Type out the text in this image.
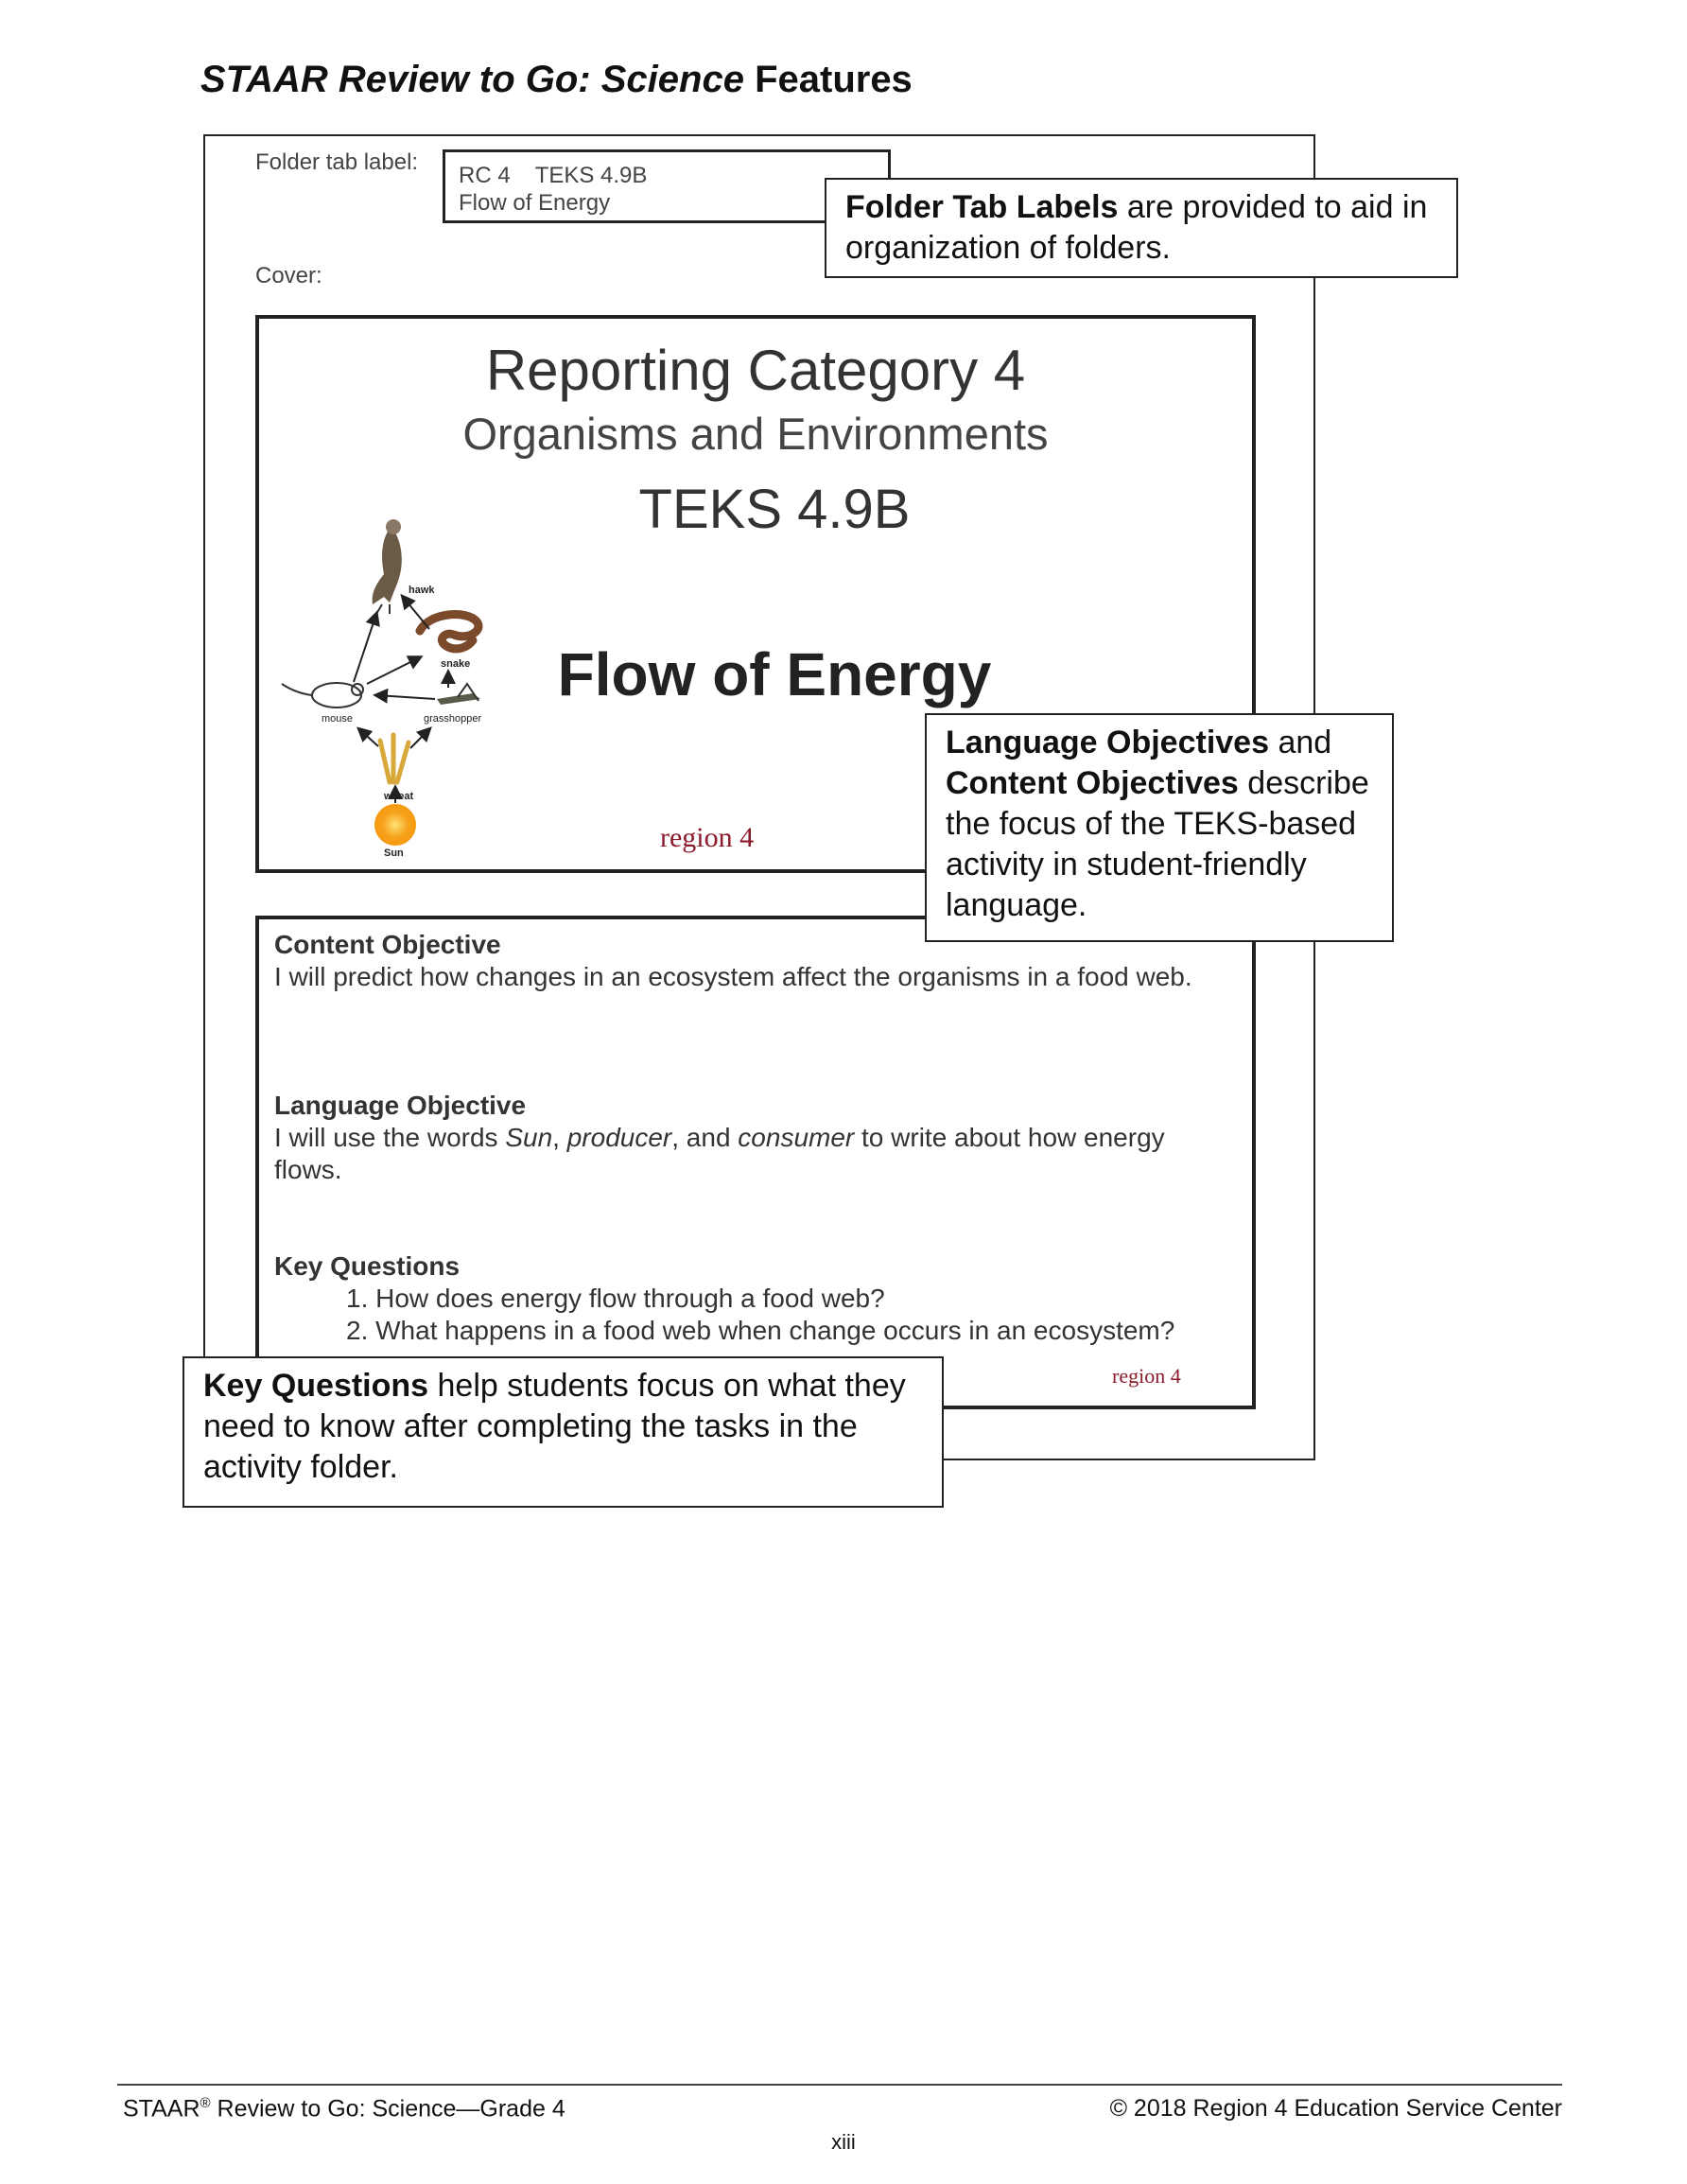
STAAR Review to Go: Science Features
Folder tab label:
RC 4 TEKS 4.9B
Flow of Energy
Cover:
Reporting Category 4
Organisms and Environments
TEKS 4.9B
Flow of Energy
hawk
snake
mouse	grasshopper
wheat
Sun	region 4
Content Objective
I will predict how changes in an ecosystem affect the organisms in a food web.
Language Objective
I will use the words Sun, producer, and consumer to write about how energy flows.
Key Questions
1. How does energy flow through a food web?
2. What happens in a food web when change occurs in an ecosystem?
region 4
Folder Tab Labels are provided to aid in organization of folders.
Language Objectives and Content Objectives describe the focus of the TEKS-based activity in student-friendly language.
Key Questions help students focus on what they need to know after completing the tasks in the activity folder.
STAAR® Review to Go: Science—Grade 4	© 2018 Region 4 Education Service Center
xiii
